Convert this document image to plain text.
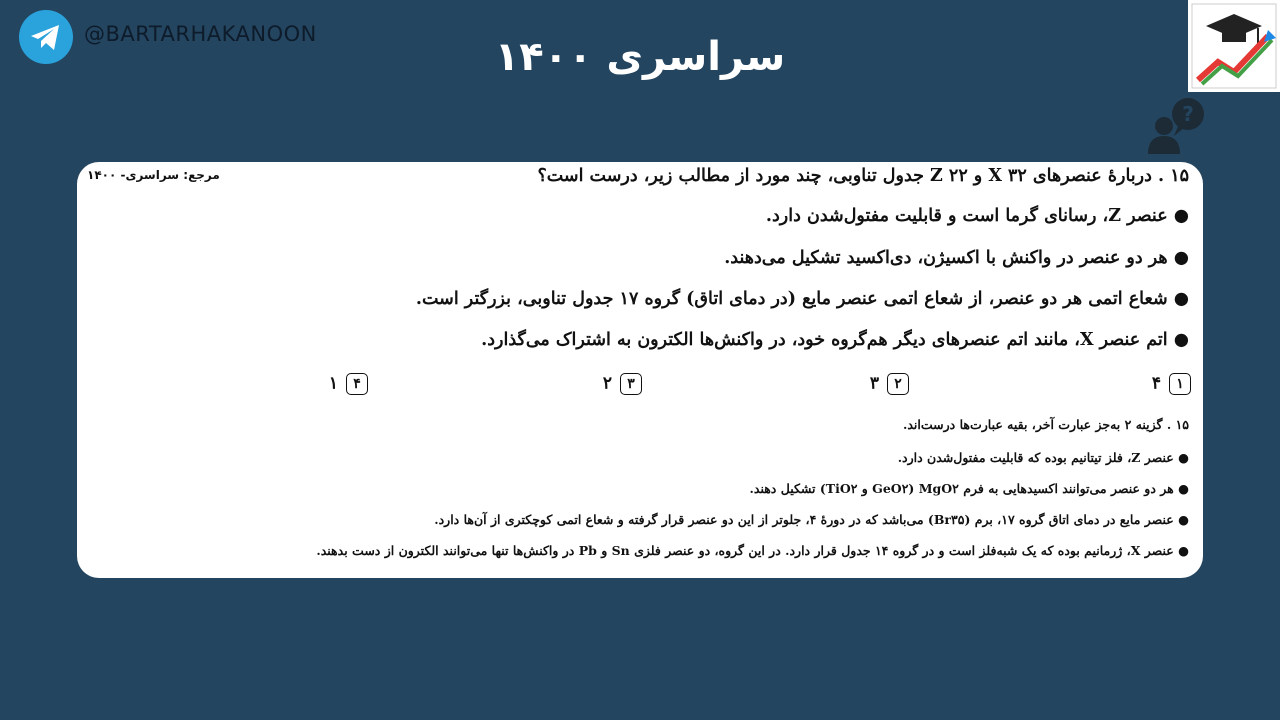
@BARTARHAKANOON	سراسری ۱۴۰۰
?
مرجع: سراسری- ۱۴۰۰	۱۵ . دربارهٔ عنصرهای X ۳۲ و Z ۲۲ جدول تناوبی، چند مورد از مطالب زیر، درست است؟
● عنصر Z، رسانای گرما است و قابلیت مفتول‌شدن دارد.
● هر دو عنصر در واکنش با اکسیژن، دی‌اکسید تشکیل می‌دهند.
● شعاع اتمی هر دو عنصر، از شعاع اتمی عنصر مایع (در دمای اتاق) گروه ۱۷ جدول تناوبی، بزرگتر است.
● اتم عنصر X، مانند اتم عنصرهای دیگر هم‌گروه خود، در واکنش‌ها الکترون به اشتراک می‌گذارد.
۱۴
۲۳
۳۲
۴۱
۱۵ . گزینه ۲ به‌جز عبارت آخر، بقیه عبارت‌ها درست‌اند.
● عنصر Z، فلز تیتانیم بوده که قابلیت مفتول‌شدن دارد.
● هر دو عنصر می‌توانند اکسیدهایی به فرم MgO۲ (GeO۲ و TiO۲) تشکیل دهند.
● عنصر مایع در دمای اتاق گروه ۱۷، برم (Br۳۵) می‌باشد که در دورهٔ ۴، جلوتر از این دو عنصر قرار گرفته و شعاع اتمی کوچکتری از آن‌ها دارد.
● عنصر X، ژرمانیم بوده که یک شبه‌فلز است و در گروه ۱۴ جدول قرار دارد. در این گروه، دو عنصر فلزی Sn و Pb در واکنش‌ها تنها می‌توانند الکترون از دست بدهند.
